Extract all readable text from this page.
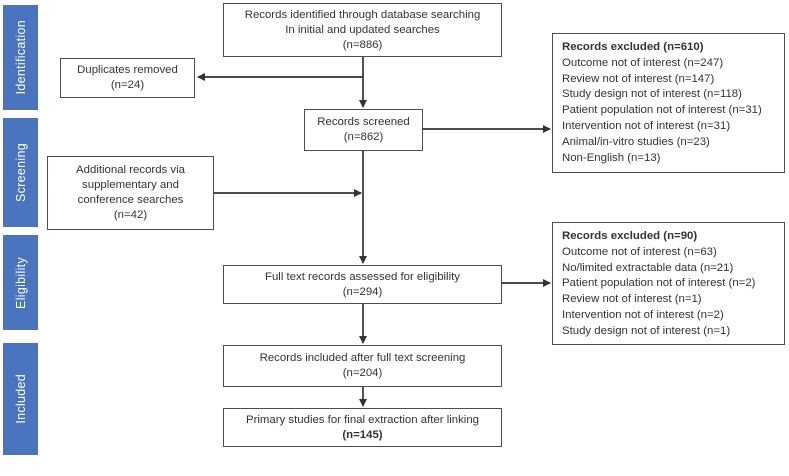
Identification
Screening
Eligibility
Included
Records identified through database searching
In initial and updated searches
(n=886)
Duplicates removed
(n=24)
Records screened
(n=862)
Additional records via
supplementary and
conference searches
(n=42)
Full text records assessed for eligibility
(n=294)
Records included after full text screening
(n=204)
Primary studies for final extraction after linking
(n=145)
Records excluded (n=610)
Outcome not of interest (n=247)
Review not of interest (n=147)
Study design not of interest (n=118)
Patient population not of interest (n=31)
Intervention not of interest (n=31)
Animal/in-vitro studies (n=23)
Non-English (n=13)
Records excluded (n=90)
Outcome not of interest (n=63)
No/limited extractable data (n=21)
Patient population not of interest (n=2)
Review not of interest (n=1)
Intervention not of interest (n=2)
Study design not of interest (n=1)
